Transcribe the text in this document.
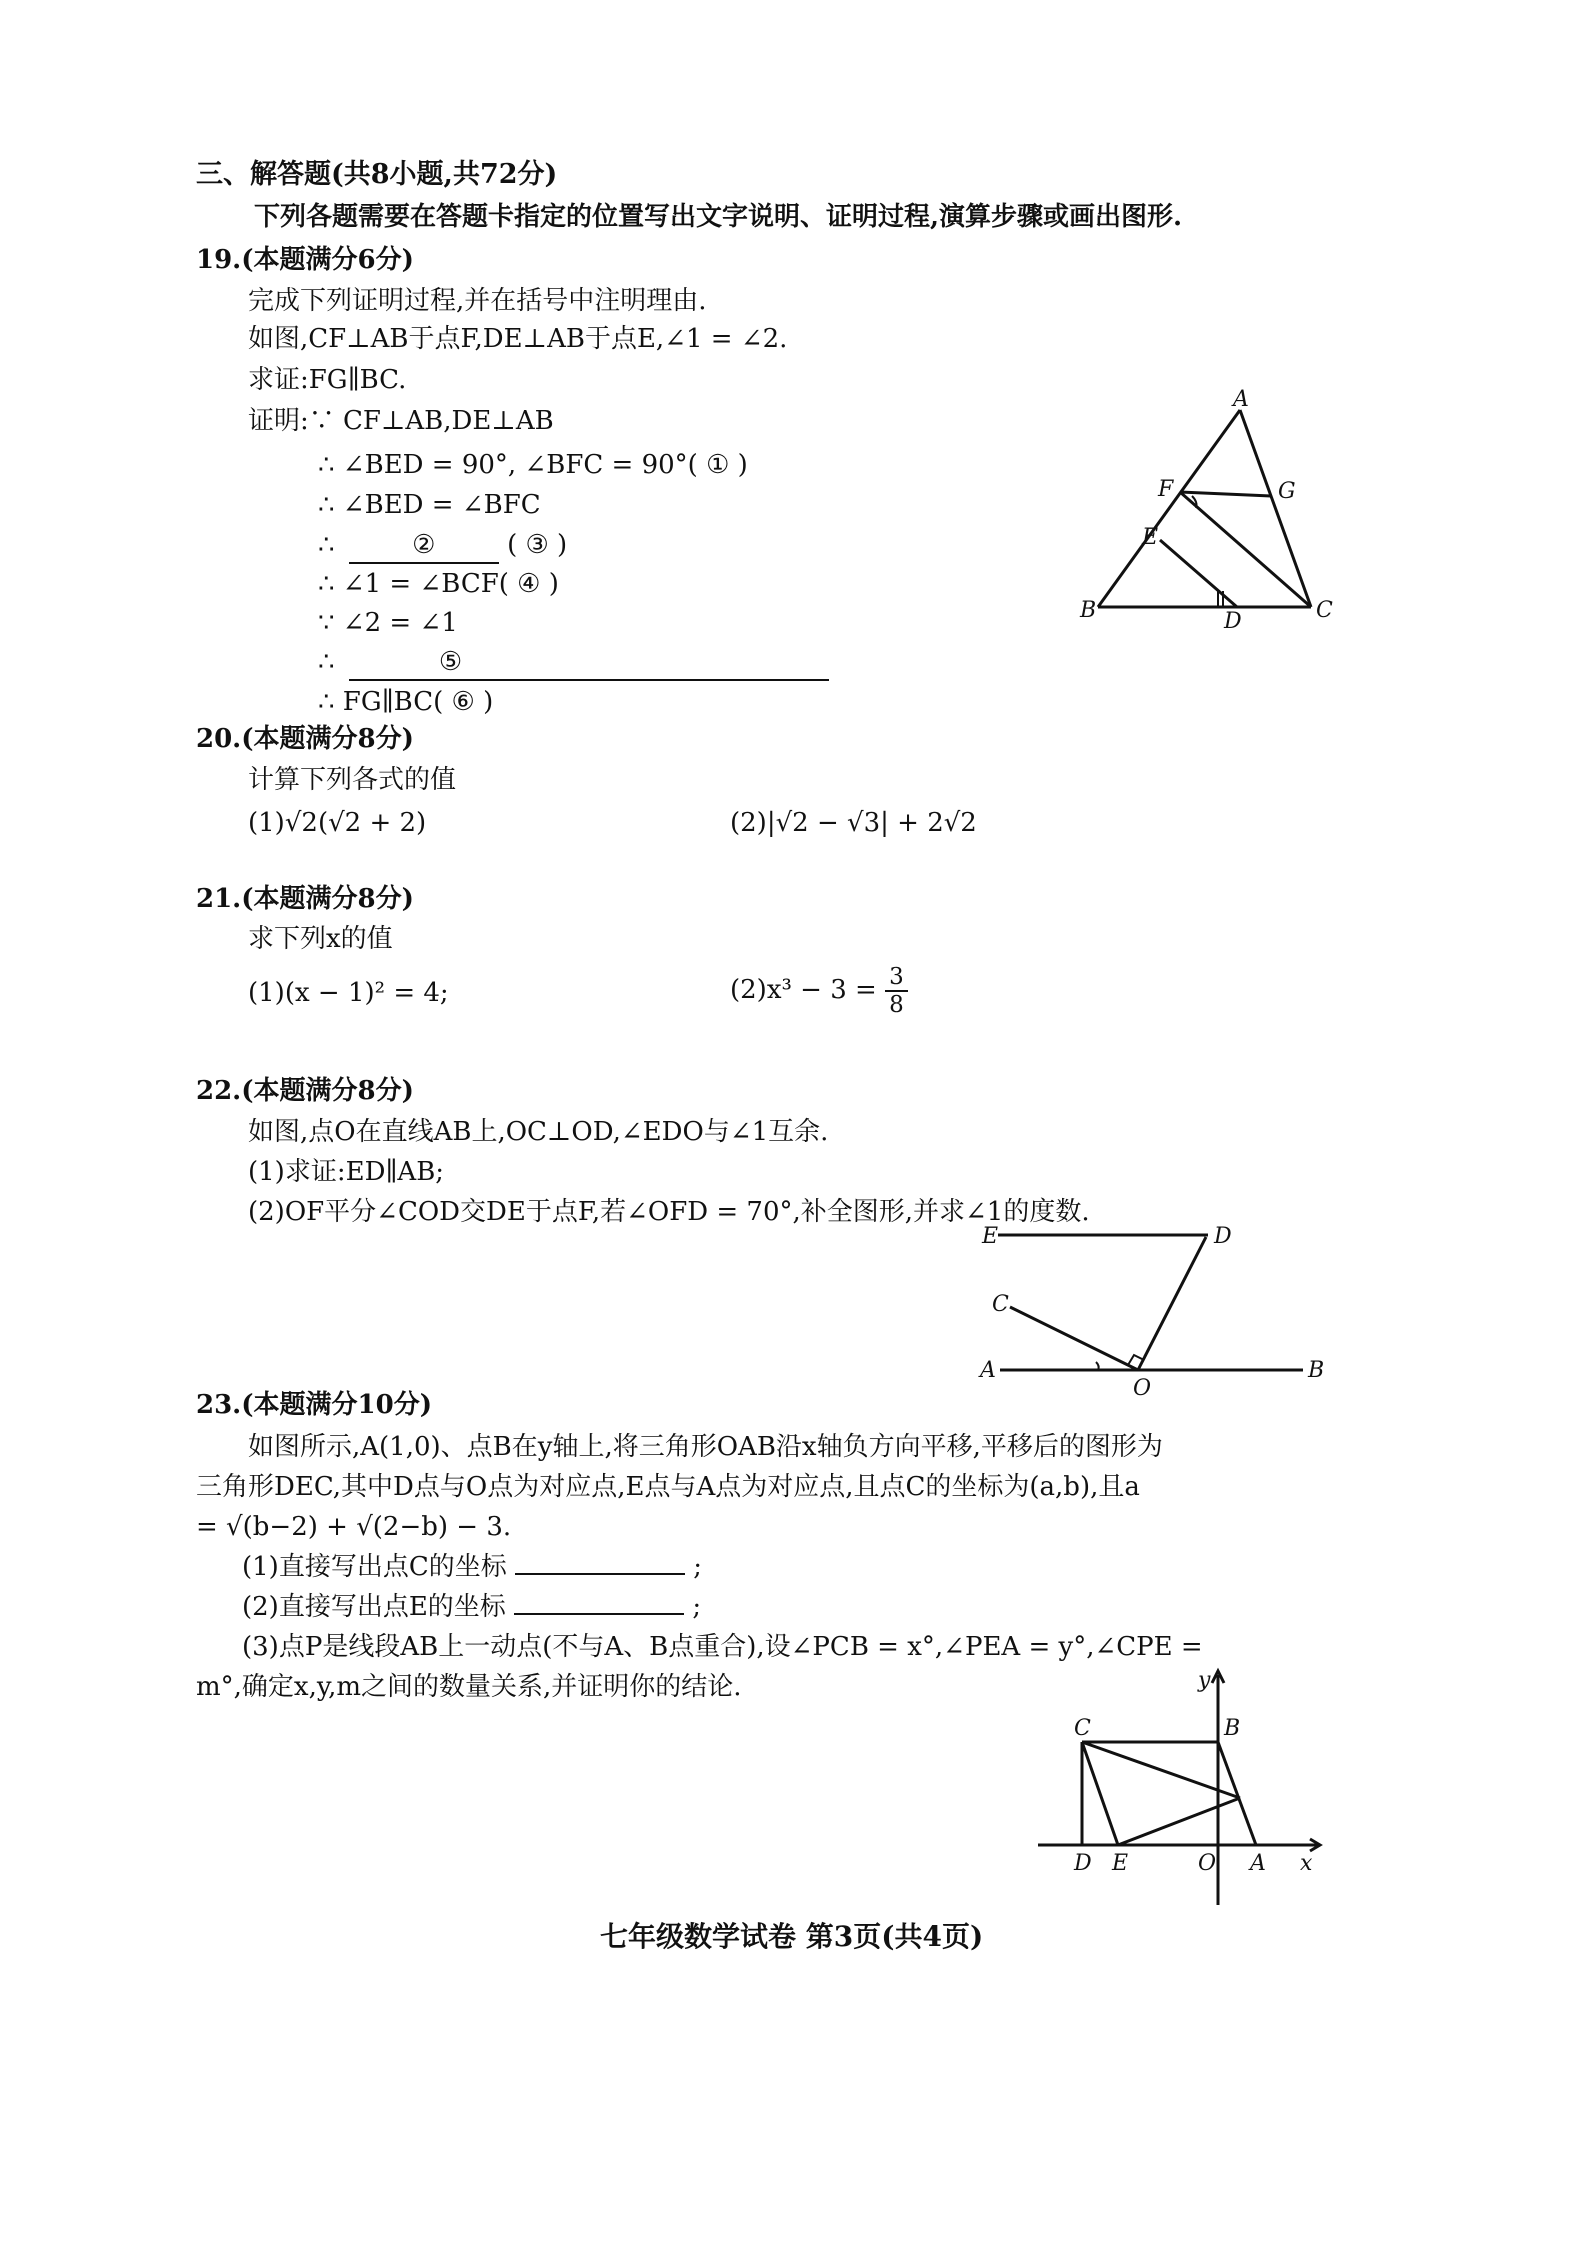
三、解答题(共8小题,共72分)
下列各题需要在答题卡指定的位置写出文字说明、证明过程,演算步骤或画出图形.
19.(本题满分6分)
完成下列证明过程,并在括号中注明理由.
如图,CF⊥AB于点F,DE⊥AB于点E,∠1 = ∠2.
求证:FG∥BC.
证明:∵ CF⊥AB,DE⊥AB
∴ ∠BED = 90°, ∠BFC = 90°( ① )
∴ ∠BED = ∠BFC
∴	②	( ③ )
∴ ∠1 = ∠BCF( ④ )
∵ ∠2 = ∠1
∴	⑤
∴ FG∥BC( ⑥ )
A
F	G
E
B	D	C
20.(本题满分8分)
计算下列各式的值
(1)√2(√2 + 2)	(2)|√2 − √3| + 2√2
21.(本题满分8分)
求下列x的值
(1)(x − 1)² = 4;	$(2)x^3 - 3 = \frac{3}{8}$
22.(本题满分8分)
如图,点O在直线AB上,OC⊥OD,∠EDO与∠1互余.
(1)求证:ED∥AB;
(2)OF平分∠COD交DE于点F,若∠OFD = 70°,补全图形,并求∠1的度数.
E	D
C
A
O
B
23.(本题满分10分)
如图所示,A(1,0)、点B在y轴上,将三角形OAB沿x轴负方向平移,平移后的图形为
三角形DEC,其中D点与O点为对应点,E点与A点为对应点,且点C的坐标为(a,b),且a
= √(b−2) + √(2−b) − 3.
(1)直接写出点C的坐标	;
(2)直接写出点E的坐标	;
(3)点P是线段AB上一动点(不与A、B点重合),设∠PCB = x°,∠PEA = y°,∠CPE =
m°,确定x,y,m之间的数量关系,并证明你的结论.	y
C	B
D E	O A x
七年级数学试卷 第3页(共4页)
